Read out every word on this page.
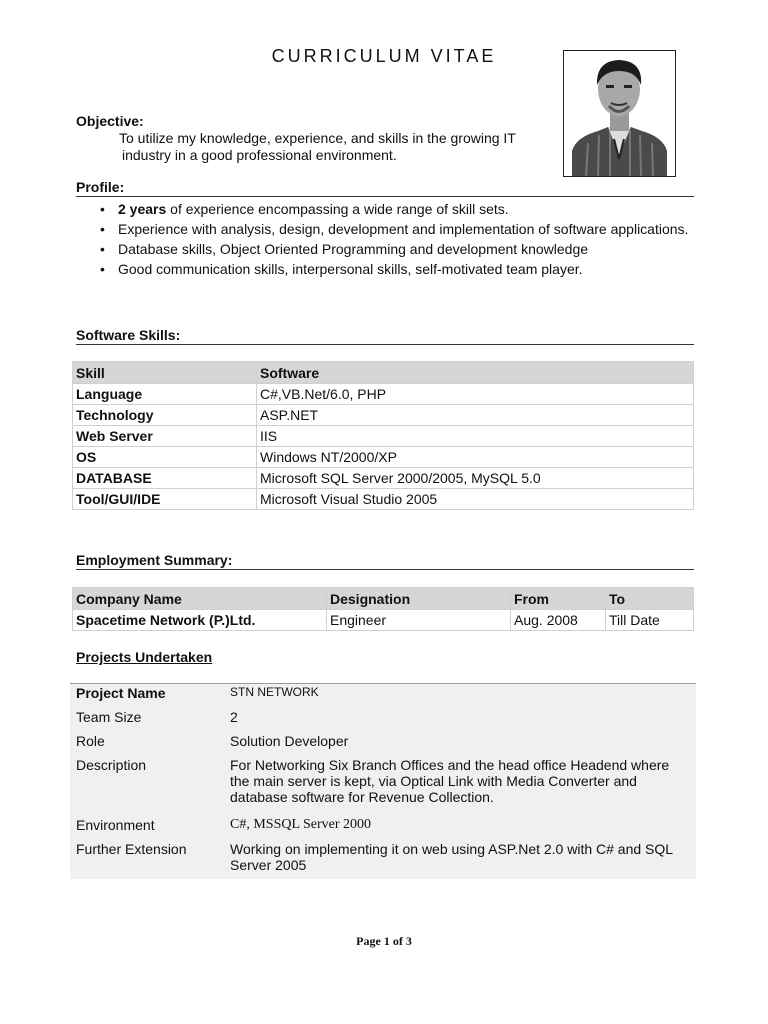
CURRICULUM VITAE
Objective:
To utilize my knowledge, experience, and skills in the growing IT
industry in a good professional environment.
Profile:
• 2 years of experience encompassing a wide range of skill sets.
• Experience with analysis, design, development and implementation of software applications.
• Database skills, Object Oriented Programming and development knowledge
• Good communication skills, interpersonal skills, self-motivated team player.
Software Skills:
Skill	Software
Language	C#,VB.Net/6.0, PHP
Technology	ASP.NET
Web Server	IIS
OS	Windows NT/2000/XP
DATABASE	Microsoft SQL Server 2000/2005, MySQL 5.0
Tool/GUI/IDE	Microsoft Visual Studio 2005
Employment Summary:
Company Name	Designation	From	To
Spacetime Network (P.)Ltd.	Engineer	Aug. 2008	Till Date
Projects Undertaken
Project Name	STN NETWORK
Team Size	2
Role	Solution Developer
Description	For Networking Six Branch Offices and the head office Headend where the main server is kept, via Optical Link with Media Converter and database software for Revenue Collection.
Environment	C#, MSSQL Server 2000
Further Extension	Working on implementing it on web using ASP.Net 2.0 with C# and SQL Server 2005
Page 1 of 3
